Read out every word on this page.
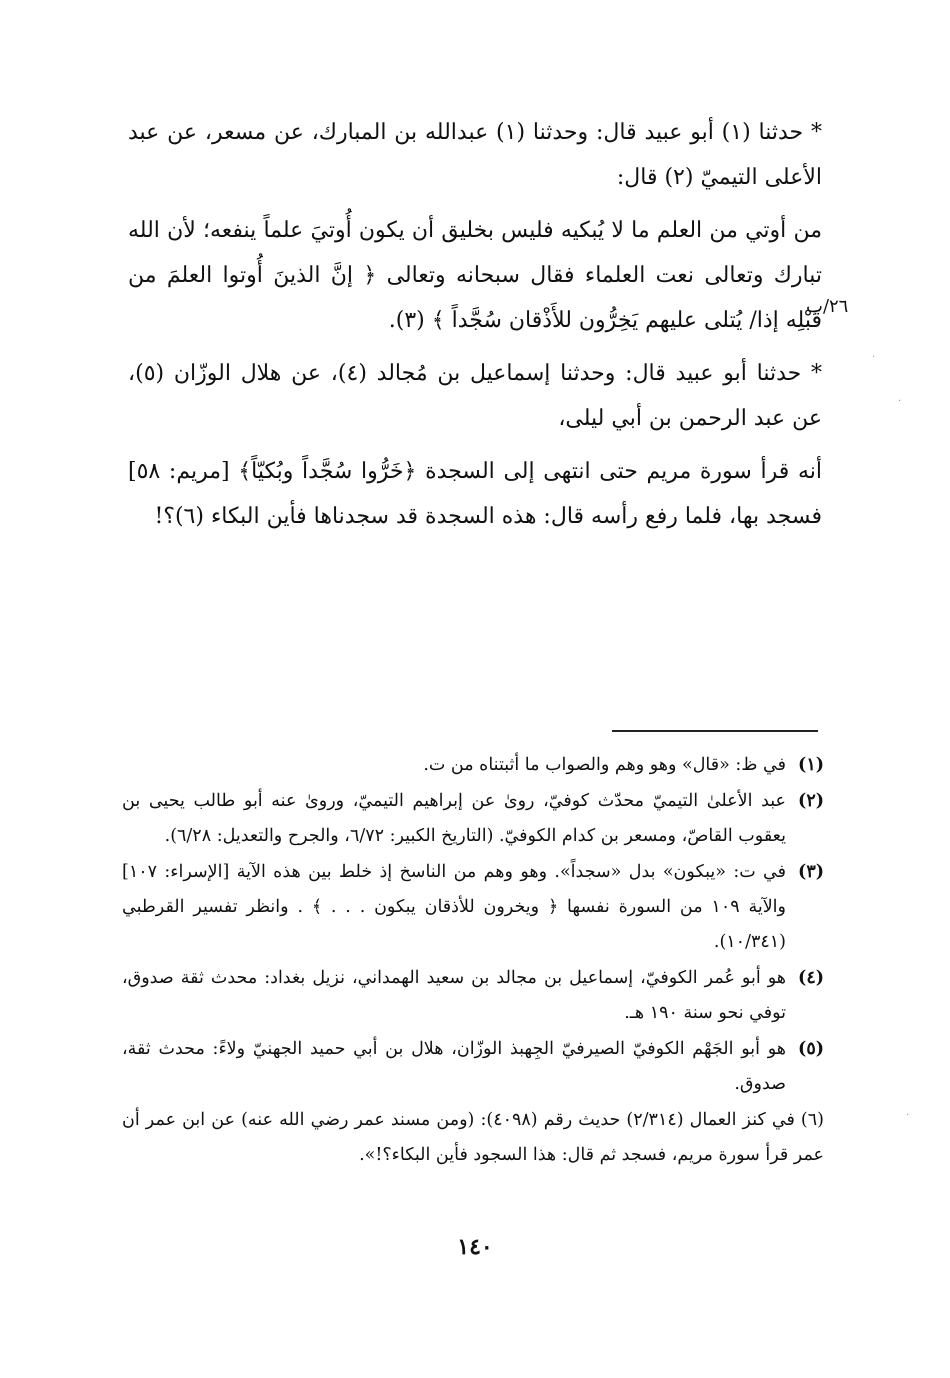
* حدثنا (١) أبو عبيد قال: وحدثنا (١) عبدالله بن المبارك، عن مسعر، عن عبد الأعلى التيميّ (٢) قال:

من أوتي من العلم ما لا يُبكيه فليس بخليق أن يكون أُوتيَ علماً ينفعه؛ لأن الله تبارك وتعالى نعت العلماء فقال سبحانه وتعالى ﴿ إنَّ الذينَ أُوتوا العلمَ من قَبْلِه إذا/ يُتلى عليهم يَخِرُّون للأَذْقان سُجَّداً ﴾ (٣).

* حدثنا أبو عبيد قال: وحدثنا إسماعيل بن مُجالد (٤)، عن هلال الوزّان (٥)، عن عبد الرحمن بن أبي ليلى،

أنه قرأ سورة مريم حتى انتهى إلى السجدة ﴿خَرُّوا سُجَّداً وبُكيّاً﴾ [مريم: ٥٨] فسجد بها، فلما رفع رأسه قال: هذه السجدة قد سجدناها فأين البكاء (٦)؟!

٢٦/ب
(١)
في ظ: «قال» وهو وهم والصواب ما أثبتناه من ت.
(٢)
عبد الأعلىٰ التيميّ محدّث كوفيّ، روىٰ عن إبراهيم التيميّ، وروىٰ عنه أبو طالب يحيى بن يعقوب القاصّ، ومسعر بن كدام الكوفيّ. (التاريخ الكبير: ٦/٧٢، والجرح والتعديل: ٦/٢٨).
(٣)
في ت: «يبكون» بدل «سجداً». وهو وهم من الناسخ إذ خلط بين هذه الآية [الإسراء: ١٠٧] والآية ١٠٩ من السورة نفسها ﴿ ويخرون للأذقان يبكون . . . ﴾ . وانظر تفسير القرطبي (١٠/٣٤١).
(٤)
هو أبو عُمر الكوفيّ، إسماعيل بن مجالد بن سعيد الهمداني، نزيل بغداد: محدث ثقة صدوق، توفي نحو سنة ١٩٠ هـ.
(٥)
هو أبو الجَهْم الكوفيّ الصيرفيّ الجِهبذ الوزّان، هلال بن أبي حميد الجهنيّ ولاءً: محدث ثقة، صدوق.
(٦) في كنز العمال (٢/٣١٤) حديث رقم (٤٠٩٨): (ومن مسند عمر رضي الله عنه) عن ابن عمر أن عمر قرأ سورة مريم، فسجد ثم قال: هذا السجود فأين البكاء؟!».
١٤٠
·
·
·
